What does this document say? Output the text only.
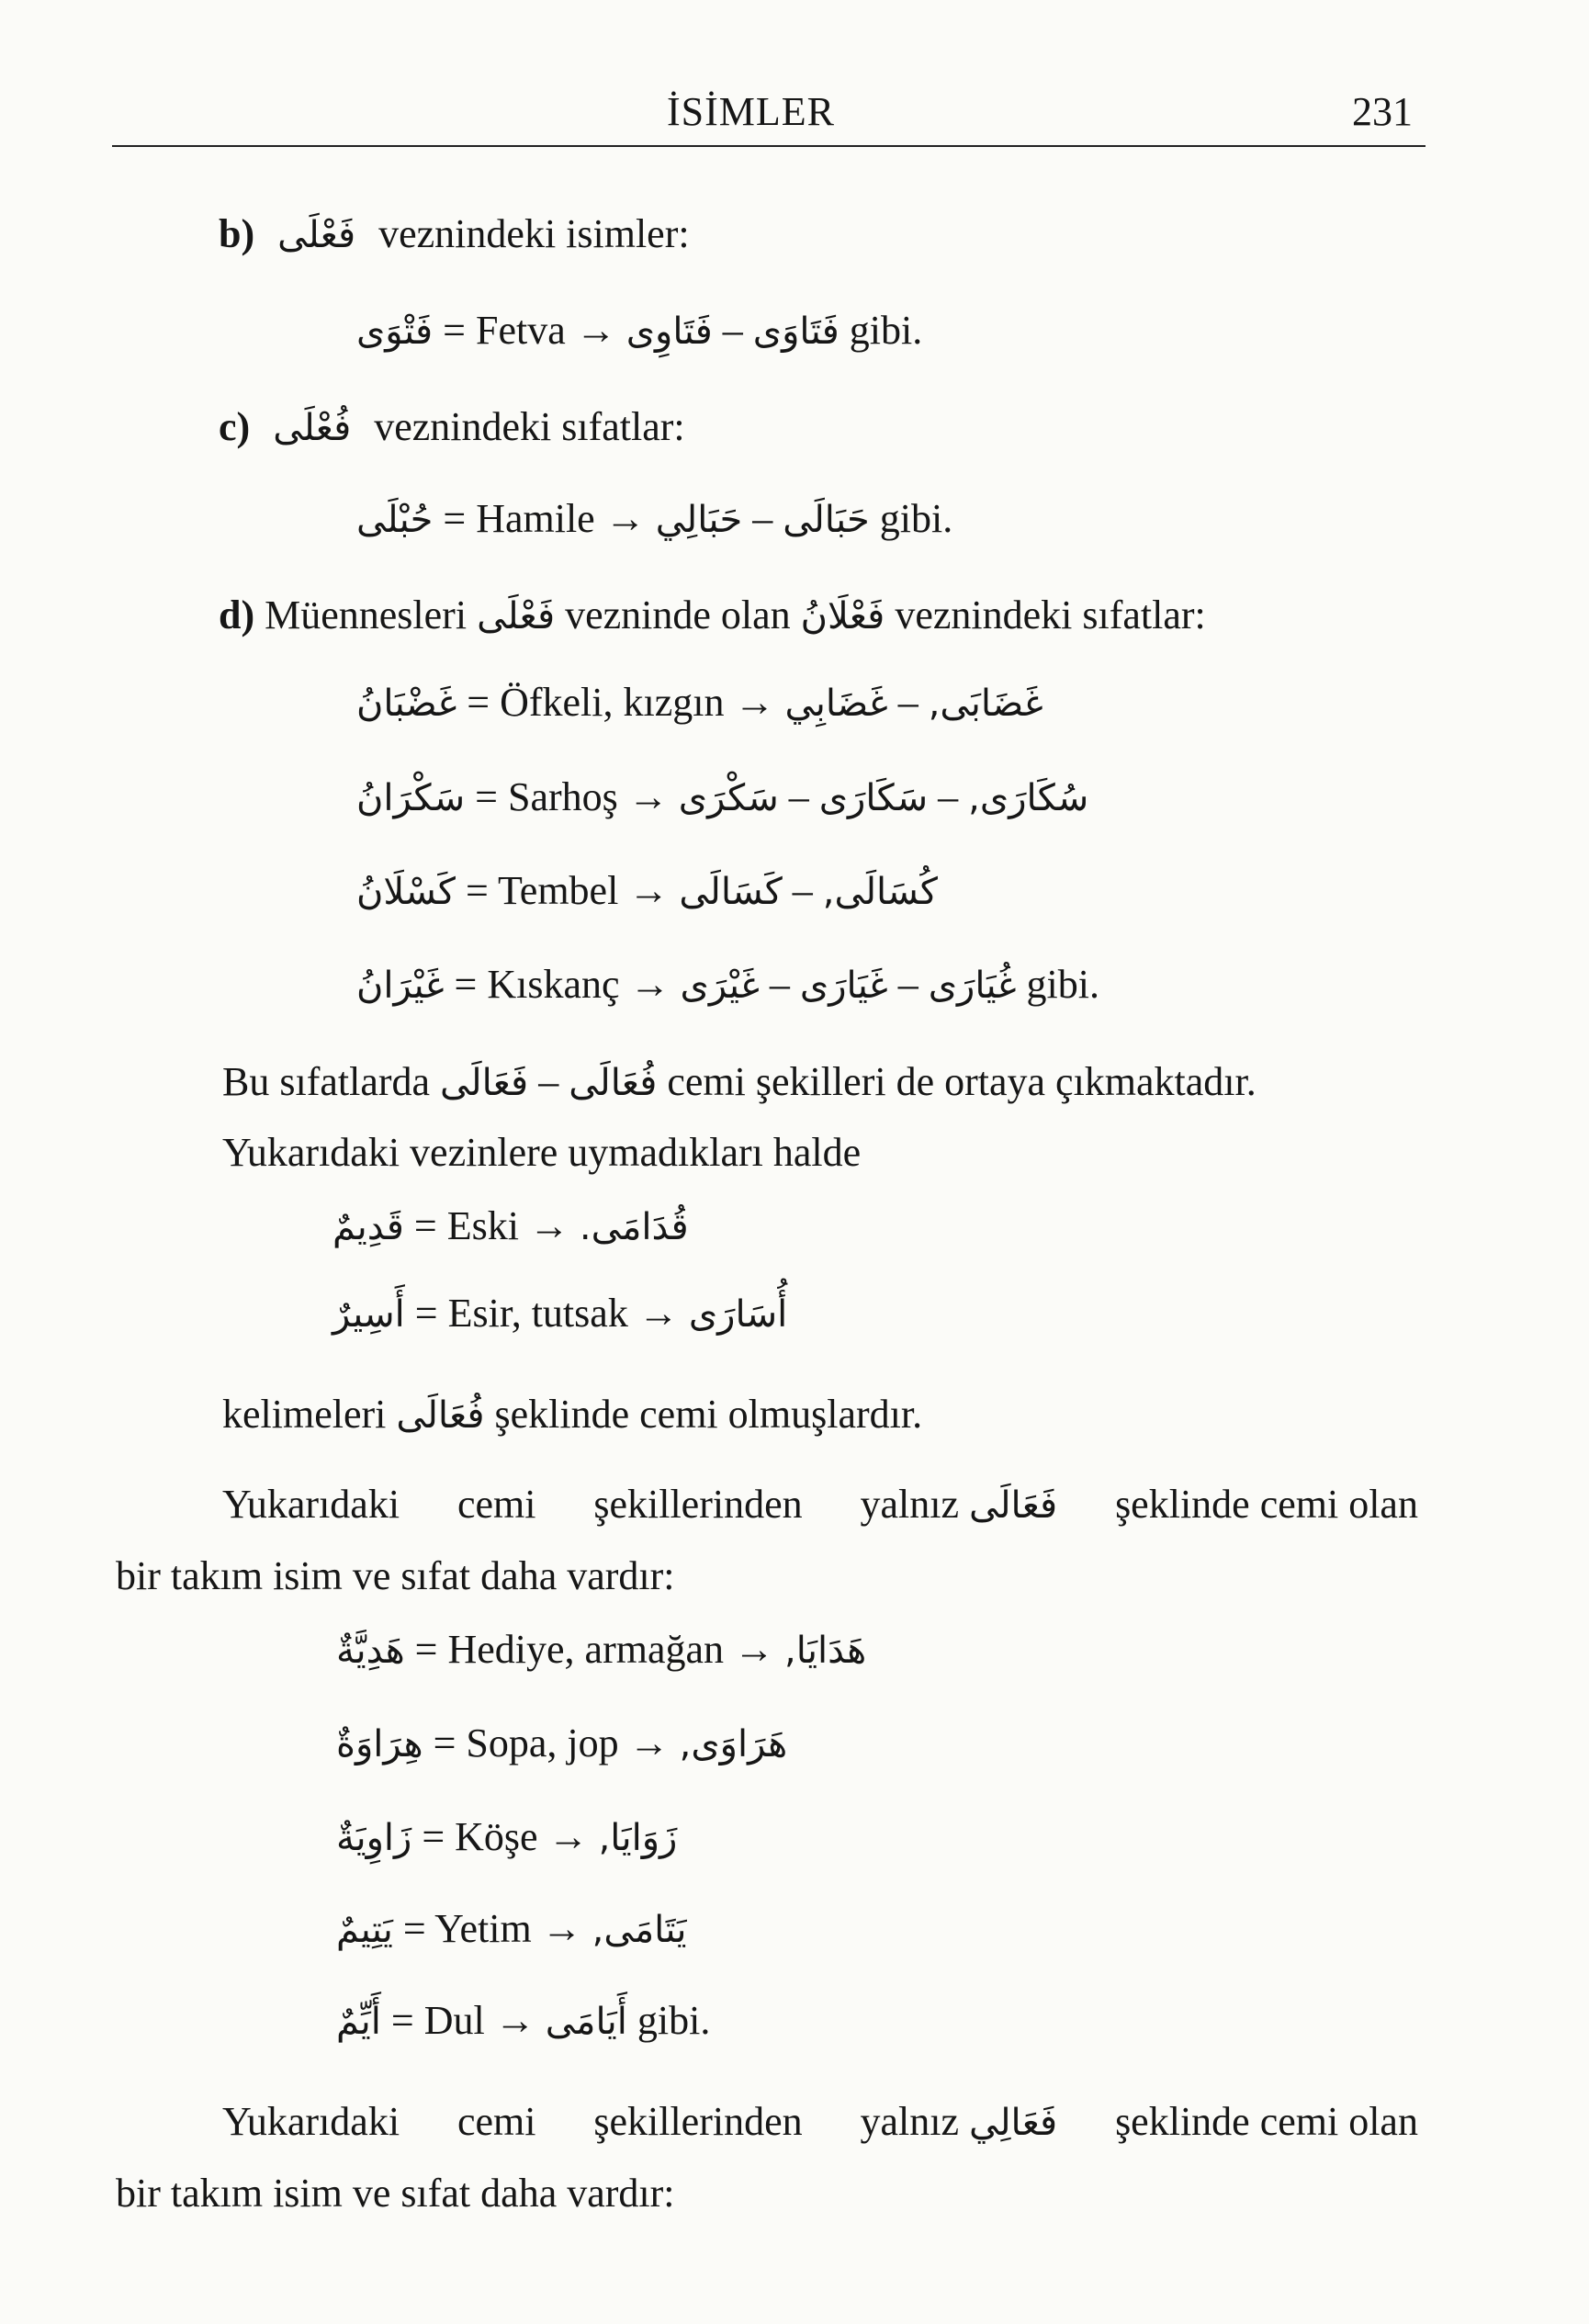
İSİMLER	231
b) فَعْلَى veznindeki isimler:
فَتْوَى = Fetva → فَتَاوِى – فَتَاوَى gibi.
c) فُعْلَى veznindeki sıfatlar:
حُبْلَى = Hamile → حَبَالِي – حَبَالَى gibi.
d) Müennesleri فَعْلَى vezninde olan فَعْلَانُ veznindeki sıfatlar:
غَضْبَانُ = Öfkeli, kızgın → غَضَابِي – غَضَابَى,
سَكْرَانُ = Sarhoş → سَكْرَى – سَكَارَى – سُكَارَى,
كَسْلَانُ = Tembel → كَسَالَى – كُسَالَى,
غَيْرَانُ = Kıskanç → غَيْرَى – غَيَارَى – غُيَارَى gibi.
Bu sıfatlarda فَعَالَى – فُعَالَى cemi şekilleri de ortaya çıkmaktadır.
Yukarıdaki vezinlere uymadıkları halde
قَدِيمٌ = Eski → قُدَامَى.
أَسِيرٌ = Esir, tutsak → أُسَارَى
kelimeleri فُعَالَى şeklinde cemi olmuşlardır.
Yukarıdaki cemi şekillerinden yalnız فَعَالَى şeklinde cemi olan
bir takım isim ve sıfat daha vardır:
هَدِيَّةٌ = Hediye, armağan → هَدَايَا,
هِرَاوَةٌ = Sopa, jop → هَرَاوَى,
زَاوِيَةٌ = Köşe → زَوَايَا,
يَتِيمٌ = Yetim → يَتَامَى,
أَيِّمٌ = Dul → أَيَامَى gibi.
Yukarıdaki cemi şekillerinden yalnız فَعَالِي şeklinde cemi olan
bir takım isim ve sıfat daha vardır:
